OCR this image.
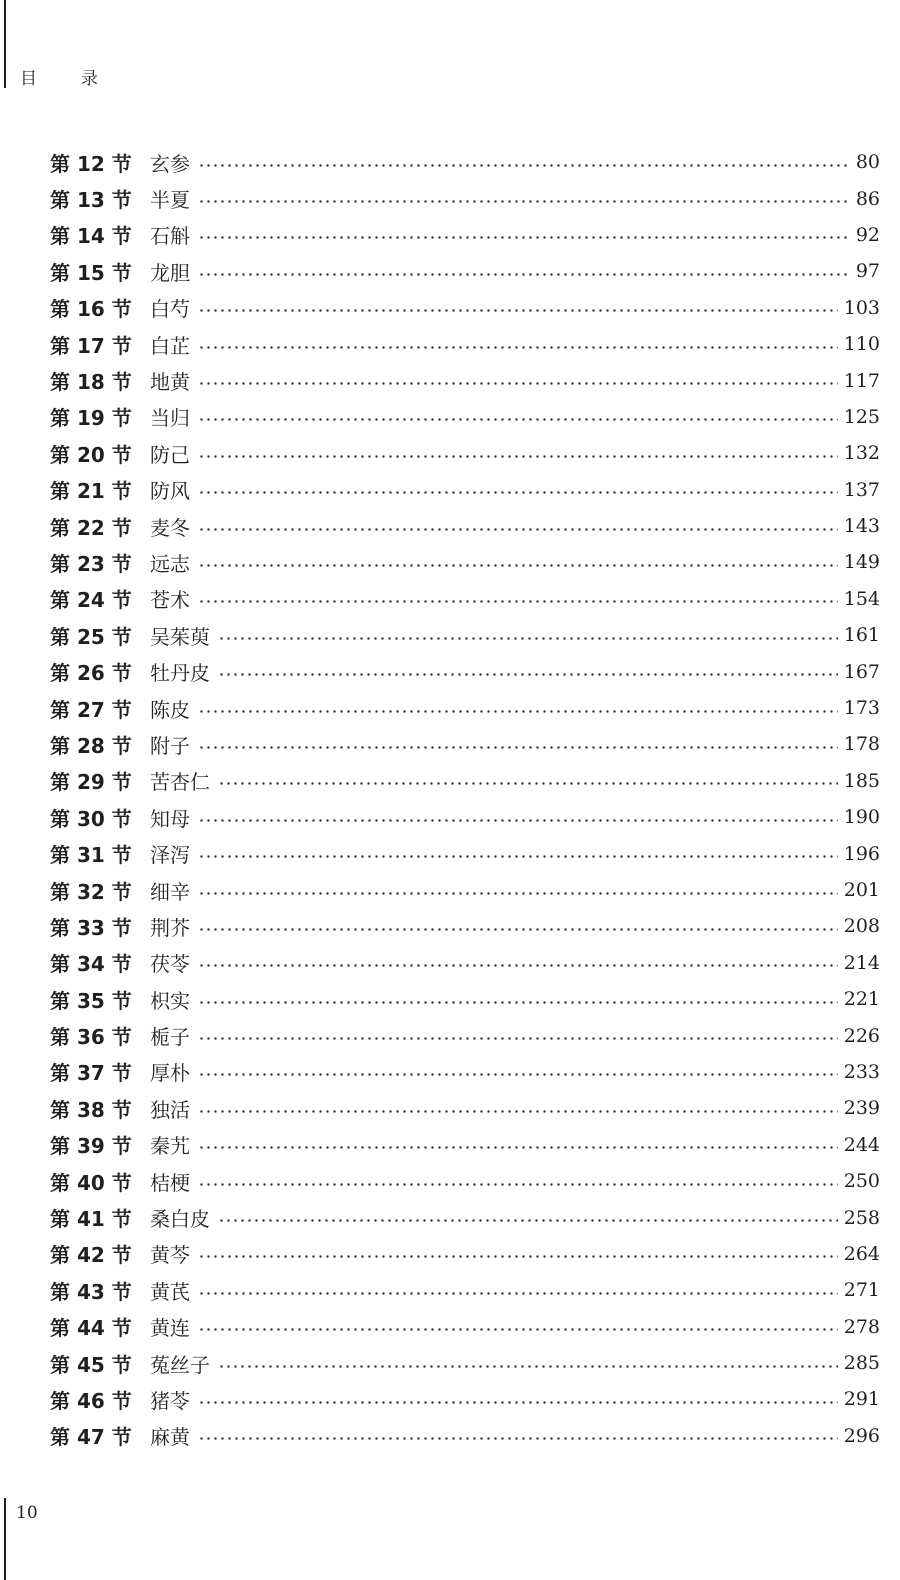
目	录
第 12 节 玄参	80
第 13 节 半夏	86
第 14 节 石斛	92
第 15 节 龙胆	97
第 16 节 白芍	103
第 17 节 白芷	110
第 18 节 地黄	117
第 19 节 当归	125
第 20 节 防己	132
第 21 节 防风	137
第 22 节 麦冬	143
第 23 节 远志	149
第 24 节 苍术	154
第 25 节 吴茱萸	161
第 26 节 牡丹皮	167
第 27 节 陈皮	173
第 28 节 附子	178
第 29 节 苦杏仁	185
第 30 节 知母	190
第 31 节 泽泻	196
第 32 节 细辛	201
第 33 节 荆芥	208
第 34 节 茯苓	214
第 35 节 枳实	221
第 36 节 栀子	226
第 37 节 厚朴	233
第 38 节 独活	239
第 39 节 秦艽	244
第 40 节 桔梗	250
第 41 节 桑白皮	258
第 42 节 黄芩	264
第 43 节 黄芪	271
第 44 节 黄连	278
第 45 节 菟丝子	285
第 46 节 猪苓	291
第 47 节 麻黄	296
10
